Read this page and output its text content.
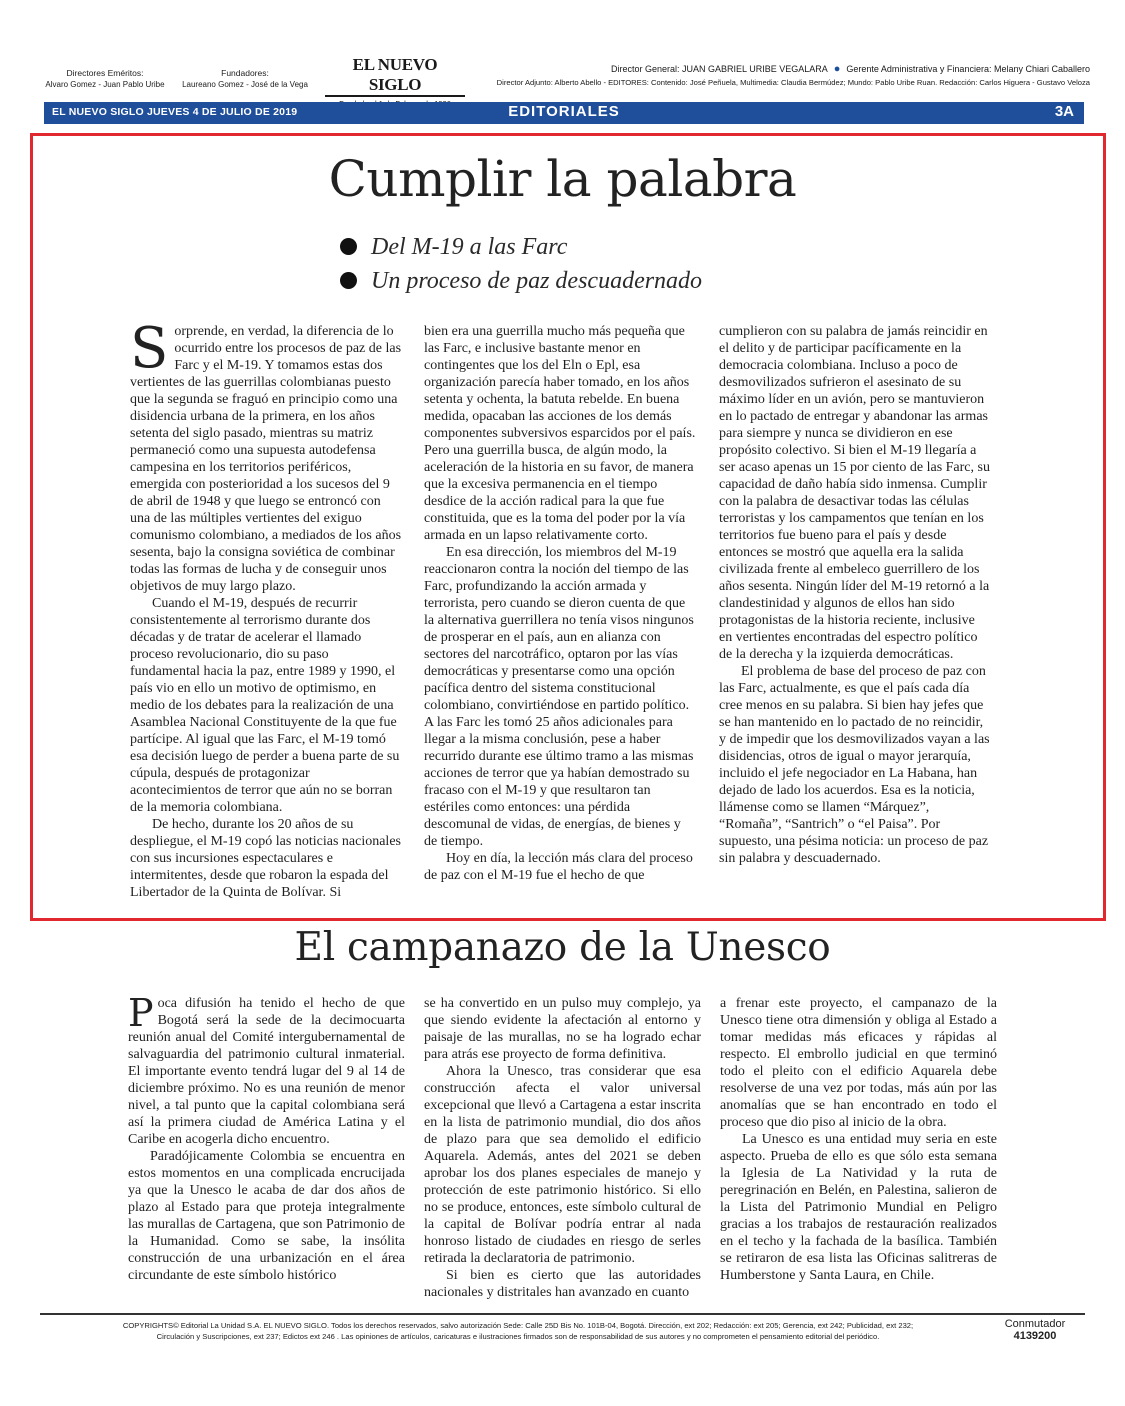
Directores Eméritos:
Alvaro Gomez - Juan Pablo Uribe
Fundadores:
Laureano Gomez - José de la Vega
EL NUEVO SIGLO
Director General: JUAN GABRIEL URIBE VEGALARA ● Gerente Administrativa y Financiera: Melany Chiari Caballero
Director Adjunto: Alberto Abello - EDITORES: Contenido: José Peñuela, Multimedia: Claudia Bermúdez; Mundo: Pablo Uribe Ruan. Redacción: Carlos Higuera - Gustavo Veloza
EL NUEVO SIGLO JUEVES 4 DE JULIO DE 2019	EDITORIALES	3A
Cumplir la palabra
Del M-19 a las Farc
Un proceso de paz descuadernado

Sorprende, en verdad, la diferencia de lo ocurrido entre los procesos de paz de las Farc y el M-19. Y tomamos estas dos vertientes de las guerrillas colombianas puesto que la segunda se fraguó en principio como una disidencia urbana de la primera, en los años setenta del siglo pasado, mientras su matriz permaneció como una supuesta autodefensa campesina en los territorios periféricos, emergida con posterioridad a los sucesos del 9 de abril de 1948 y que luego se entroncó con una de las múltiples vertientes del exiguo comunismo colombiano, a mediados de los años sesenta, bajo la consigna soviética de combinar todas las formas de lucha y de conseguir unos objetivos de muy largo plazo.

Cuando el M-19, después de recurrir consistentemente al terrorismo durante dos décadas y de tratar de acelerar el llamado proceso revolucionario, dio su paso fundamental hacia la paz, entre 1989 y 1990, el país vio en ello un motivo de optimismo, en medio de los debates para la realización de una Asamblea Nacional Constituyente de la que fue partícipe. Al igual que las Farc, el M-19 tomó esa decisión luego de perder a buena parte de su cúpula, después de protagonizar acontecimientos de terror que aún no se borran de la memoria colombiana.

De hecho, durante los 20 años de su despliegue, el M-19 copó las noticias nacionales con sus incursiones espectaculares e intermitentes, desde que robaron la espada del Libertador de la Quinta de Bolívar. Si

bien era una guerrilla mucho más pequeña que las Farc, e inclusive bastante menor en contingentes que los del Eln o Epl, esa organización parecía haber tomado, en los años setenta y ochenta, la batuta rebelde. En buena medida, opacaban las acciones de los demás componentes subversivos esparcidos por el país. Pero una guerrilla busca, de algún modo, la aceleración de la historia en su favor, de manera que la excesiva permanencia en el tiempo desdice de la acción radical para la que fue constituida, que es la toma del poder por la vía armada en un lapso relativamente corto.

En esa dirección, los miembros del M-19 reaccionaron contra la noción del tiempo de las Farc, profundizando la acción armada y terrorista, pero cuando se dieron cuenta de que la alternativa guerrillera no tenía visos ningunos de prosperar en el país, aun en alianza con sectores del narcotráfico, optaron por las vías democráticas y presentarse como una opción pacífica dentro del sistema constitucional colombiano, convirtiéndose en partido político. A las Farc les tomó 25 años adicionales para llegar a la misma conclusión, pese a haber recurrido durante ese último tramo a las mismas acciones de terror que ya habían demostrado su fracaso con el M-19 y que resultaron tan estériles como entonces: una pérdida descomunal de vidas, de energías, de bienes y de tiempo.

Hoy en día, la lección más clara del proceso de paz con el M-19 fue el hecho de que

cumplieron con su palabra de jamás reincidir en el delito y de participar pacíficamente en la democracia colombiana. Incluso a poco de desmovilizados sufrieron el asesinato de su máximo líder en un avión, pero se mantuvieron en lo pactado de entregar y abandonar las armas para siempre y nunca se dividieron en ese propósito colectivo. Si bien el M-19 llegaría a ser acaso apenas un 15 por ciento de las Farc, su capacidad de daño había sido inmensa. Cumplir con la palabra de desactivar todas las células terroristas y los campamentos que tenían en los territorios fue bueno para el país y desde entonces se mostró que aquella era la salida civilizada frente al embeleco guerrillero de los años sesenta. Ningún líder del M-19 retornó a la clandestinidad y algunos de ellos han sido protagonistas de la historia reciente, inclusive en vertientes encontradas del espectro político de la derecha y la izquierda democráticas.

El problema de base del proceso de paz con las Farc, actualmente, es que el país cada día cree menos en su palabra. Si bien hay jefes que se han mantenido en lo pactado de no reincidir, y de impedir que los desmovilizados vayan a las disidencias, otros de igual o mayor jerarquía, incluido el jefe negociador en La Habana, han dejado de lado los acuerdos. Esa es la noticia, llámense como se llamen “Márquez”, “Romaña”, “Santrich” o “el Paisa”. Por supuesto, una pésima noticia: un proceso de paz sin palabra y descuadernado.

El campanazo de la Unesco

Poca difusión ha tenido el hecho de que Bogotá será la sede de la decimocuarta reunión anual del Comité intergubernamental de salvaguardia del patrimonio cultural inmaterial. El importante evento tendrá lugar del 9 al 14 de diciembre próximo. No es una reunión de menor nivel, a tal punto que la capital colombiana será así la primera ciudad de América Latina y el Caribe en acogerla dicho encuentro.

Paradójicamente Colombia se encuentra en estos momentos en una complicada encrucijada ya que la Unesco le acaba de dar dos años de plazo al Estado para que proteja integralmente las murallas de Cartagena, que son Patrimonio de la Humanidad. Como se sabe, la insólita construcción de una urbanización en el área circundante de este símbolo histórico

se ha convertido en un pulso muy complejo, ya que siendo evidente la afectación al entorno y paisaje de las murallas, no se ha logrado echar para atrás ese proyecto de forma definitiva.

Ahora la Unesco, tras considerar que esa construcción afecta el valor universal excepcional que llevó a Cartagena a estar inscrita en la lista de patrimonio mundial, dio dos años de plazo para que sea demolido el edificio Aquarela. Además, antes del 2021 se deben aprobar los dos planes especiales de manejo y protección de este patrimonio histórico. Si ello no se produce, entonces, este símbolo cultural de la capital de Bolívar podría entrar al nada honroso listado de ciudades en riesgo de serles retirada la declaratoria de patrimonio.

Si bien es cierto que las autoridades nacionales y distritales han avanzado en cuanto

a frenar este proyecto, el campanazo de la Unesco tiene otra dimensión y obliga al Estado a tomar medidas más eficaces y rápidas al respecto. El embrollo judicial en que terminó todo el pleito con el edificio Aquarela debe resolverse de una vez por todas, más aún por las anomalías que se han encontrado en todo el proceso que dio piso al inicio de la obra.

La Unesco es una entidad muy seria en este aspecto. Prueba de ello es que sólo esta semana la Iglesia de La Natividad y la ruta de peregrinación en Belén, en Palestina, salieron de la Lista del Patrimonio Mundial en Peligro gracias a los trabajos de restauración realizados en el techo y la fachada de la basílica. También se retiraron de esa lista las Oficinas salitreras de Humberstone y Santa Laura, en Chile.

COPYRIGHTS© Editorial La Unidad S.A. EL NUEVO SIGLO. Todos los derechos reservados, salvo autorización Sede: Calle 25D Bis No. 101B-04, Bogotá. Dirección, ext 202; Redacción: ext 205; Gerencia, ext 242; Publicidad, ext 232;
Circulación y Suscripciones, ext 237; Edictos ext 246 . Las opiniones de artículos, caricaturas e ilustraciones firmados son de responsabilidad de sus autores y no comprometen el pensamiento editorial del periódico.
Conmutador
4139200
